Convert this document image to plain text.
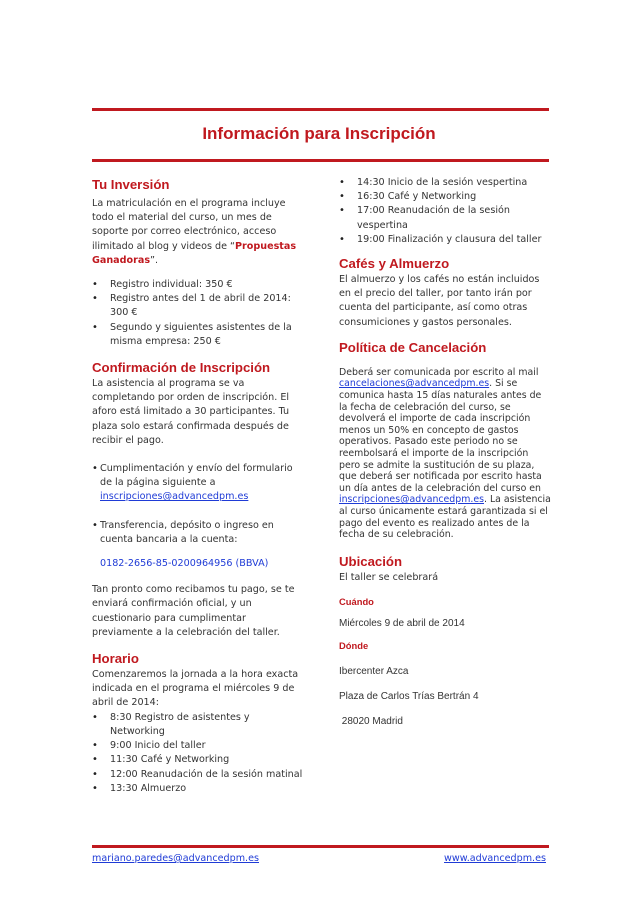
Información para Inscripción
Tu Inversión

La matriculación en el programa incluye todo el material del curso, un mes de soporte por correo electrónico, acceso ilimitado al blog y videos de “Propuestas Ganadoras”.

• Registro individual: 350 €
• Registro antes del 1 de abril de 2014: 300 €
• Segundo y siguientes asistentes de la misma empresa: 250 €
Confirmación de Inscripción

La asistencia al programa se va completando por orden de inscripción. El aforo está limitado a 30 participantes. Tu plaza solo estará confirmada después de recibir el pago.

• Cumplimentación y envío del formulario de la página siguiente a
inscripciones@advancedpm.es
• Transferencia, depósito o ingreso en cuenta bancaria a la cuenta:

0182-2656-85-0200964956 (BBVA)

Tan pronto como recibamos tu pago, se te enviará confirmación oficial, y un cuestionario para cumplimentar previamente a la celebración del taller.

Horario

Comenzaremos la jornada a la hora exacta indicada en el programa el miércoles 9 de abril de 2014:

• 8:30 Registro de asistentes y Networking
• 9:00 Inicio del taller
• 11:30 Café y Networking
• 12:00 Reanudación de la sesión matinal
• 13:30 Almuerzo
• 14:30 Inicio de la sesión vespertina
• 16:30 Café y Networking
• 17:00 Reanudación de la sesión vespertina
• 19:00 Finalización y clausura del taller
Cafés y Almuerzo

El almuerzo y los cafés no están incluidos en el precio del taller, por tanto irán por cuenta del participante, así como otras consumiciones y gastos personales.

Política de Cancelación

Deberá ser comunicada por escrito al mail cancelaciones@advancedpm.es. Si se comunica hasta 15 días naturales antes de la fecha de celebración del curso, se devolverá el importe de cada inscripción menos un 50% en concepto de gastos operativos. Pasado este periodo no se reembolsará el importe de la inscripción pero se admite la sustitución de su plaza, que deberá ser notificada por escrito hasta un día antes de la celebración del curso en inscripciones@advancedpm.es. La asistencia al curso únicamente estará garantizada si el pago del evento es realizado antes de la fecha de su celebración.

Ubicación

El taller se celebrará

Cuándo

Miércoles 9 de abril de 2014

Dónde

Ibercenter Azca

Plaza de Carlos Trías Bertrán 4

28020 Madrid

mariano.paredes@advancedpm.es	www.advancedpm.es
